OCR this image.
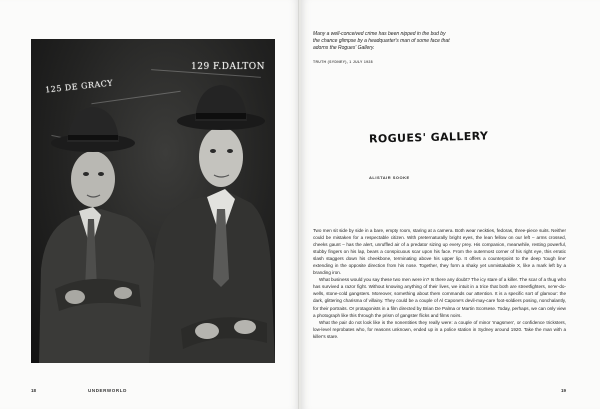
125 DE GRACY
129 F.DALTON
18	UNDERWORLD
Many a well-conceived crime has been nipped in the bud by the chance glimpse by a headquarter's man of some face that adorns the Rogues' Gallery.
TRUTH (SYDNEY), 1 JULY 1928
ROGUES' GALLERY
ALISTAIR SOOKE

Two men sit side by side in a bare, empty room, staring at a camera. Both wear neckties, fedoras, three-piece suits. Neither could be mistaken for a respectable citizen. With preternaturally bright eyes, the lean fellow on our left – arms crossed, cheeks gaunt – has the alert, unruffled air of a predator sizing up every prey. His companion, meanwhile, resting powerful, stubby fingers on his lap, bears a conspicuous scar upon his face. From the outermost corner of his right eye, this erratic slash staggers down his cheekbone, terminating above his upper lip. It offers a counterpoint to the deep 'tough line' extending in the opposite direction from his nose. Together, they form a shaky yet unmistakable X, like a mark left by a branding iron.

What business would you say these two men were in? Is there any doubt? The icy stare of a killer. The scar of a thug who has survived a razor fight. Without knowing anything of their lives, we intuit in a trice that both are streetfighters, ne'er-do-wells, stone-cold gangsters. Moreover, something about them commands our attention. It is a specific sort of glamour: the dark, glittering charisma of villainy. They could be a couple of Al Capone's devil-may-care foot-soldiers posing, nonchalantly, for their portraits. Or protagonists in a film directed by Brian De Palma or Martin Scorsese. Today, perhaps, we can only view a photograph like this through the prism of gangster flicks and films noirs.

What the pair do not look like is the nonentities they really were: a couple of minor 'magsmen', or confidence tricksters, low-level reprobates who, for reasons unknown, ended up in a police station in Sydney around 1920. Take the man with a killer's stare.

19
